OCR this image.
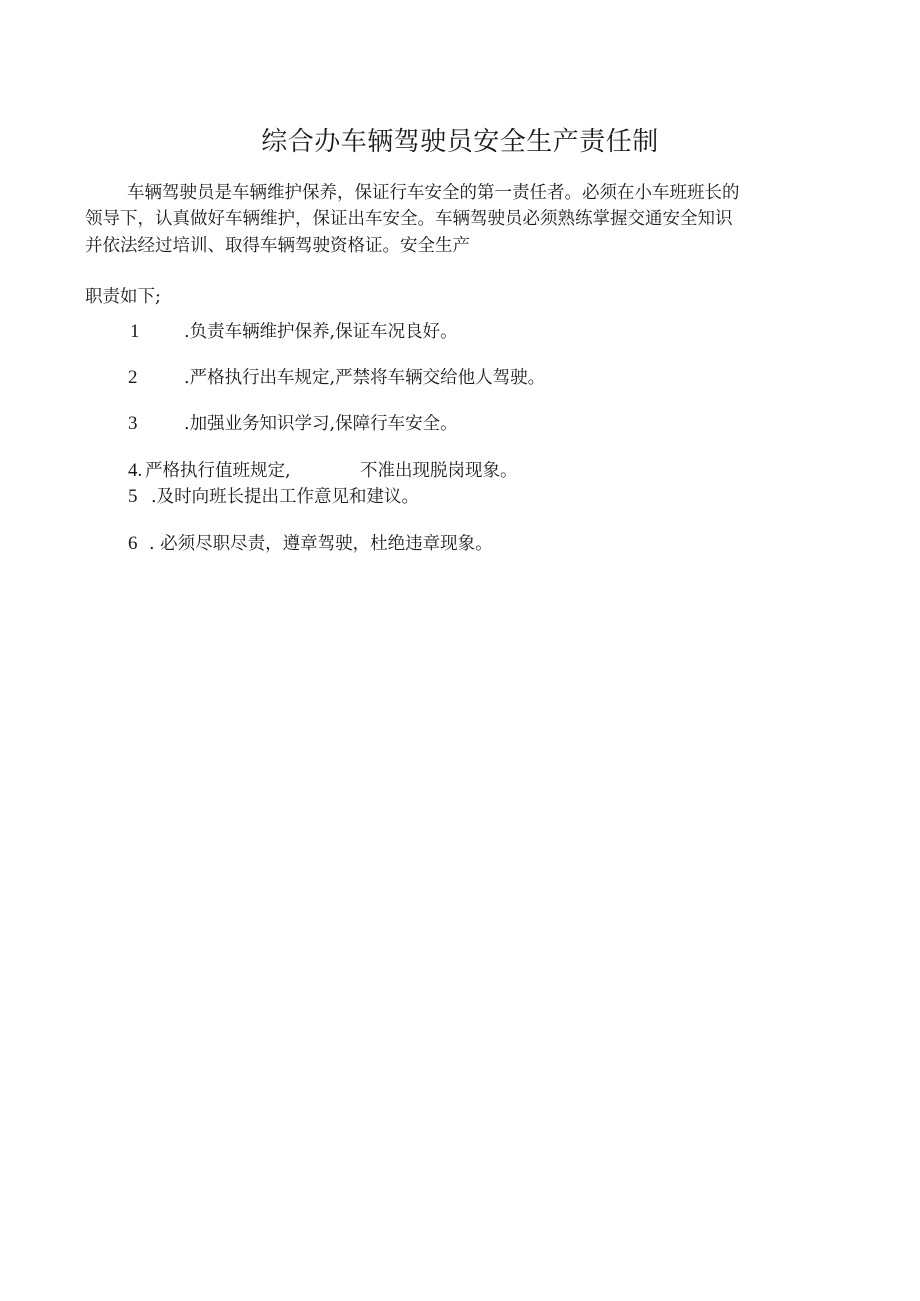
综合办车辆驾驶员安全生产责任制
车辆驾驶员是车辆维护保养，保证行车安全的第一责任者。必须在小车班班长的
领导下，认真做好车辆维护，保证出车安全。车辆驾驶员必须熟练掌握交通安全知识
并依法经过培训、取得车辆驾驶资格证。安全生产
职责如下;
1	.负责车辆维护保养,保证车况良好。
2	.严格执行出车规定,严禁将车辆交给他人驾驶。
3	.加强业务知识学习,保障行车安全。
4. 严格执行值班规定,	不准出现脱岗现象。
5 .及时向班长提出工作意见和建议。
6 . 必须尽职尽责，遵章驾驶，杜绝违章现象。
